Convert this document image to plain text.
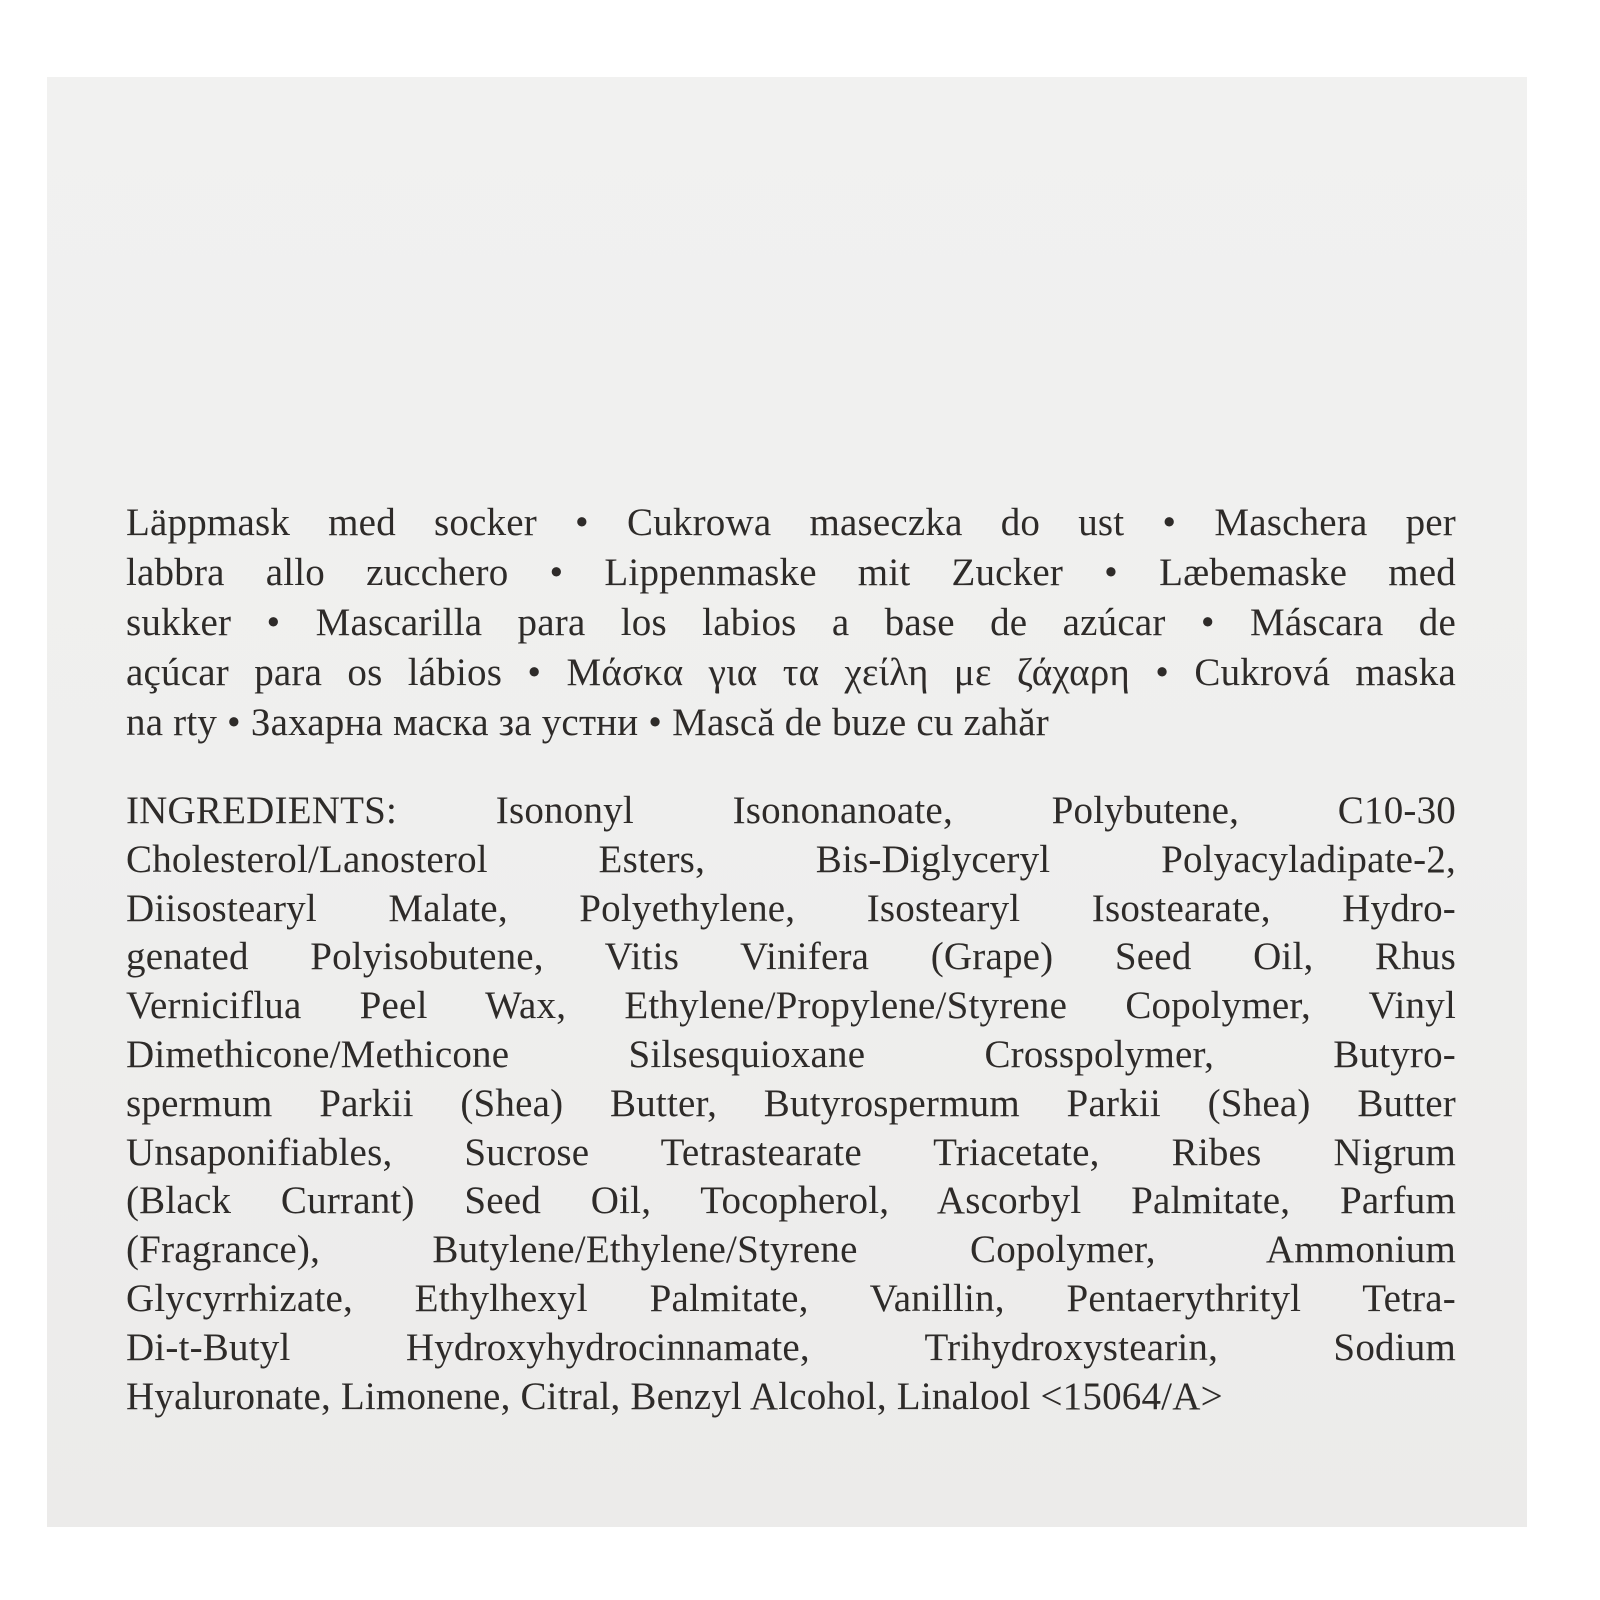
Läppmask med socker • Cukrowa maseczka do ust • Maschera per
labbra allo zucchero • Lippenmaske mit Zucker • Læbemaske med
sukker • Mascarilla para los labios a base de azúcar • Máscara de
açúcar para os lábios • Μάσκα για τα χείλη με ζάχαρη • Cukrová maska
na rty • Захарна маска за устни • Mască de buze cu zahăr
INGREDIENTS: Isononyl Isononanoate, Polybutene, C10-30
Cholesterol/Lanosterol Esters, Bis-Diglyceryl Polyacyladipate-2,
Diisostearyl Malate, Polyethylene, Isostearyl Isostearate, Hydro-
genated Polyisobutene, Vitis Vinifera (Grape) Seed Oil, Rhus
Verniciflua Peel Wax, Ethylene/Propylene/Styrene Copolymer, Vinyl
Dimethicone/Methicone Silsesquioxane Crosspolymer, Butyro-
spermum Parkii (Shea) Butter, Butyrospermum Parkii (Shea) Butter
Unsaponifiables, Sucrose Tetrastearate Triacetate, Ribes Nigrum
(Black Currant) Seed Oil, Tocopherol, Ascorbyl Palmitate, Parfum
(Fragrance), Butylene/Ethylene/Styrene Copolymer, Ammonium
Glycyrrhizate, Ethylhexyl Palmitate, Vanillin, Pentaerythrityl Tetra-
Di-t-Butyl Hydroxyhydrocinnamate, Trihydroxystearin, Sodium
Hyaluronate, Limonene, Citral, Benzyl Alcohol, Linalool <15064/A>
